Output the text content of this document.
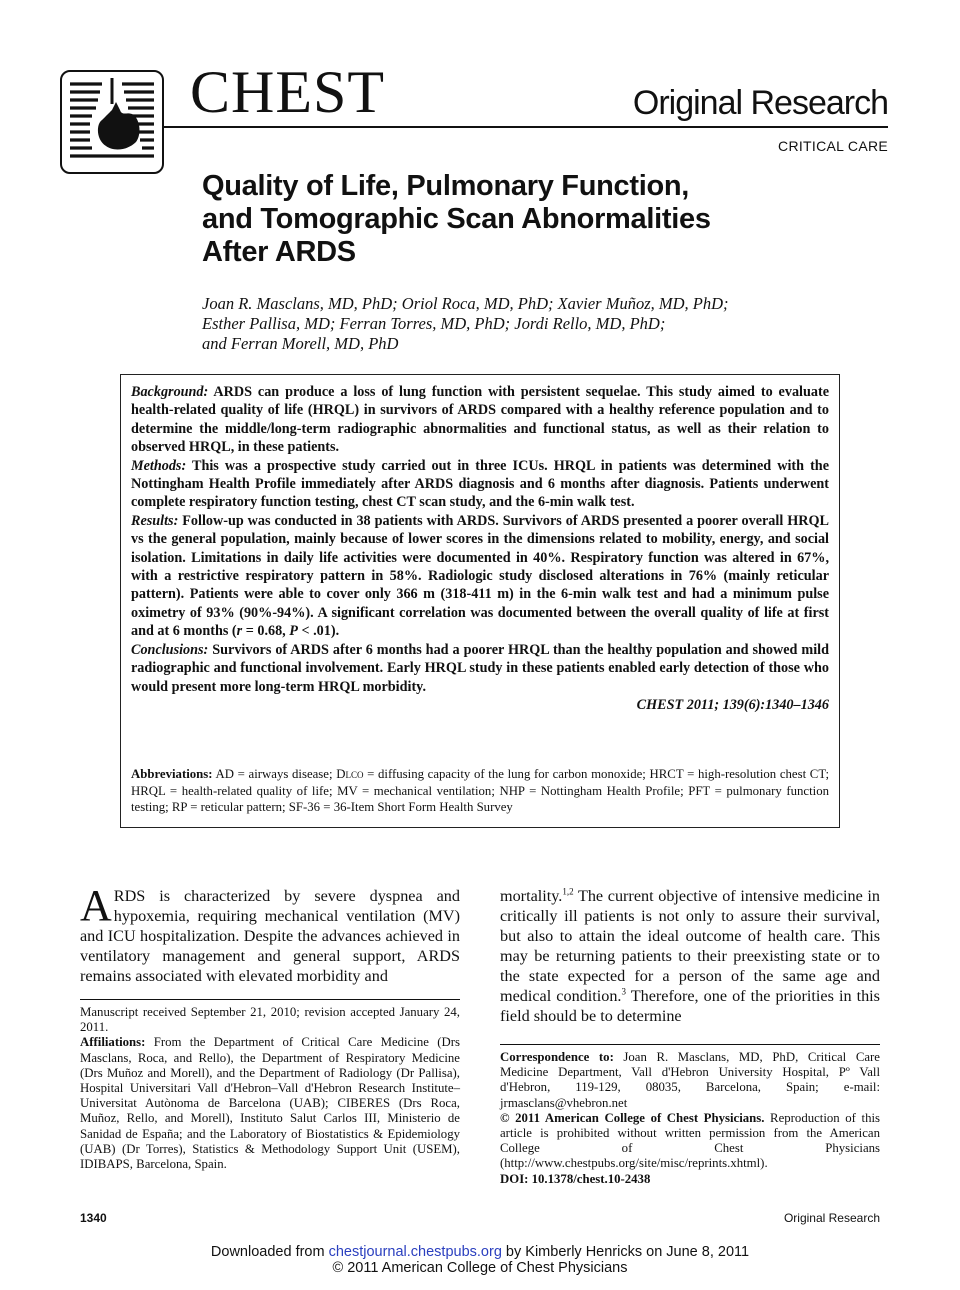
CHEST	Original Research
CRITICAL CARE
Quality of Life, Pulmonary Function,
and Tomographic Scan Abnormalities
After ARDS
Joan R. Masclans, MD, PhD; Oriol Roca, MD, PhD; Xavier Muñoz, MD, PhD;
Esther Pallisa, MD; Ferran Torres, MD, PhD; Jordi Rello, MD, PhD;
and Ferran Morell, MD, PhD

Background: ARDS can produce a loss of lung function with persistent sequelae. This study aimed to evaluate health-related quality of life (HRQL) in survivors of ARDS compared with a healthy reference population and to determine the middle/long-term radiographic abnormalities and functional status, as well as their relation to observed HRQL, in these patients.

Methods: This was a prospective study carried out in three ICUs. HRQL in patients was determined with the Nottingham Health Profile immediately after ARDS diagnosis and 6 months after diagnosis. Patients underwent complete respiratory function testing, chest CT scan study, and the 6-min walk test.

Results: Follow-up was conducted in 38 patients with ARDS. Survivors of ARDS presented a poorer overall HRQL vs the general population, mainly because of lower scores in the dimensions related to mobility, energy, and social isolation. Limitations in daily life activities were documented in 40%. Respiratory function was altered in 67%, with a restrictive respiratory pattern in 58%. Radiologic study disclosed alterations in 76% (mainly reticular pattern). Patients were able to cover only 366 m (318-411 m) in the 6-min walk test and had a minimum pulse oximetry of 93% (90%-94%). A significant correlation was documented between the overall quality of life at first and at 6 months (r = 0.68, P < .01).

Conclusions: Survivors of ARDS after 6 months had a poorer HRQL than the healthy population and showed mild radiographic and functional involvement. Early HRQL study in these patients enabled early detection of those who would present more long-term HRQL morbidity.

CHEST 2011; 139(6):1340–1346

Abbreviations: AD = airways disease; Dlco = diffusing capacity of the lung for carbon monoxide; HRCT = high-resolution chest CT; HRQL = health-related quality of life; MV = mechanical ventilation; NHP = Nottingham Health Profile; PFT = pulmonary function testing; RP = reticular pattern; SF-36 = 36-Item Short Form Health Survey
ARDS is characterized by severe dyspnea and hypoxemia, requiring mechanical ventilation (MV) and ICU hospitalization. Despite the advances achieved in ventilatory management and general support, ARDS remains associated with elevated morbidity and

Manuscript received September 21, 2010; revision accepted January 24, 2011.

Affiliations: From the Department of Critical Care Medicine (Drs Masclans, Roca, and Rello), the Department of Respiratory Medicine (Drs Muñoz and Morell), and the Department of Radiology (Dr Pallisa), Hospital Universitari Vall d'Hebron–Vall d'Hebron Research Institute–Universitat Autònoma de Barcelona (UAB); CIBERES (Drs Roca, Muñoz, Rello, and Morell), Instituto Salut Carlos III, Ministerio de Sanidad de España; and the Laboratory of Biostatistics & Epidemiology (UAB) (Dr Torres), Statistics & Methodology Support Unit (USEM), IDIBAPS, Barcelona, Spain.

mortality.$^{1,2}$ The current objective of intensive medicine in critically ill patients is not only to assure their survival, but also to attain the ideal outcome of health care. This may be returning patients to their preexisting state or to the state expected for a person of the same age and medical condition.$^3$ Therefore, one of the priorities in this field should be to determine

Correspondence to: Joan R. Masclans, MD, PhD, Critical Care Medicine Department, Vall d'Hebron University Hospital, Pº Vall d'Hebron, 119-129, 08035, Barcelona, Spain; e-mail: jrmasclans@vhebron.net

© 2011 American College of Chest Physicians. Reproduction of this article is prohibited without written permission from the American College of Chest Physicians (http://www.chestpubs.org/site/misc/reprints.xhtml).

DOI: 10.1378/chest.10-2438

1340	Original Research
Downloaded from chestjournal.chestpubs.org by Kimberly Henricks on June 8, 2011
© 2011 American College of Chest Physicians
